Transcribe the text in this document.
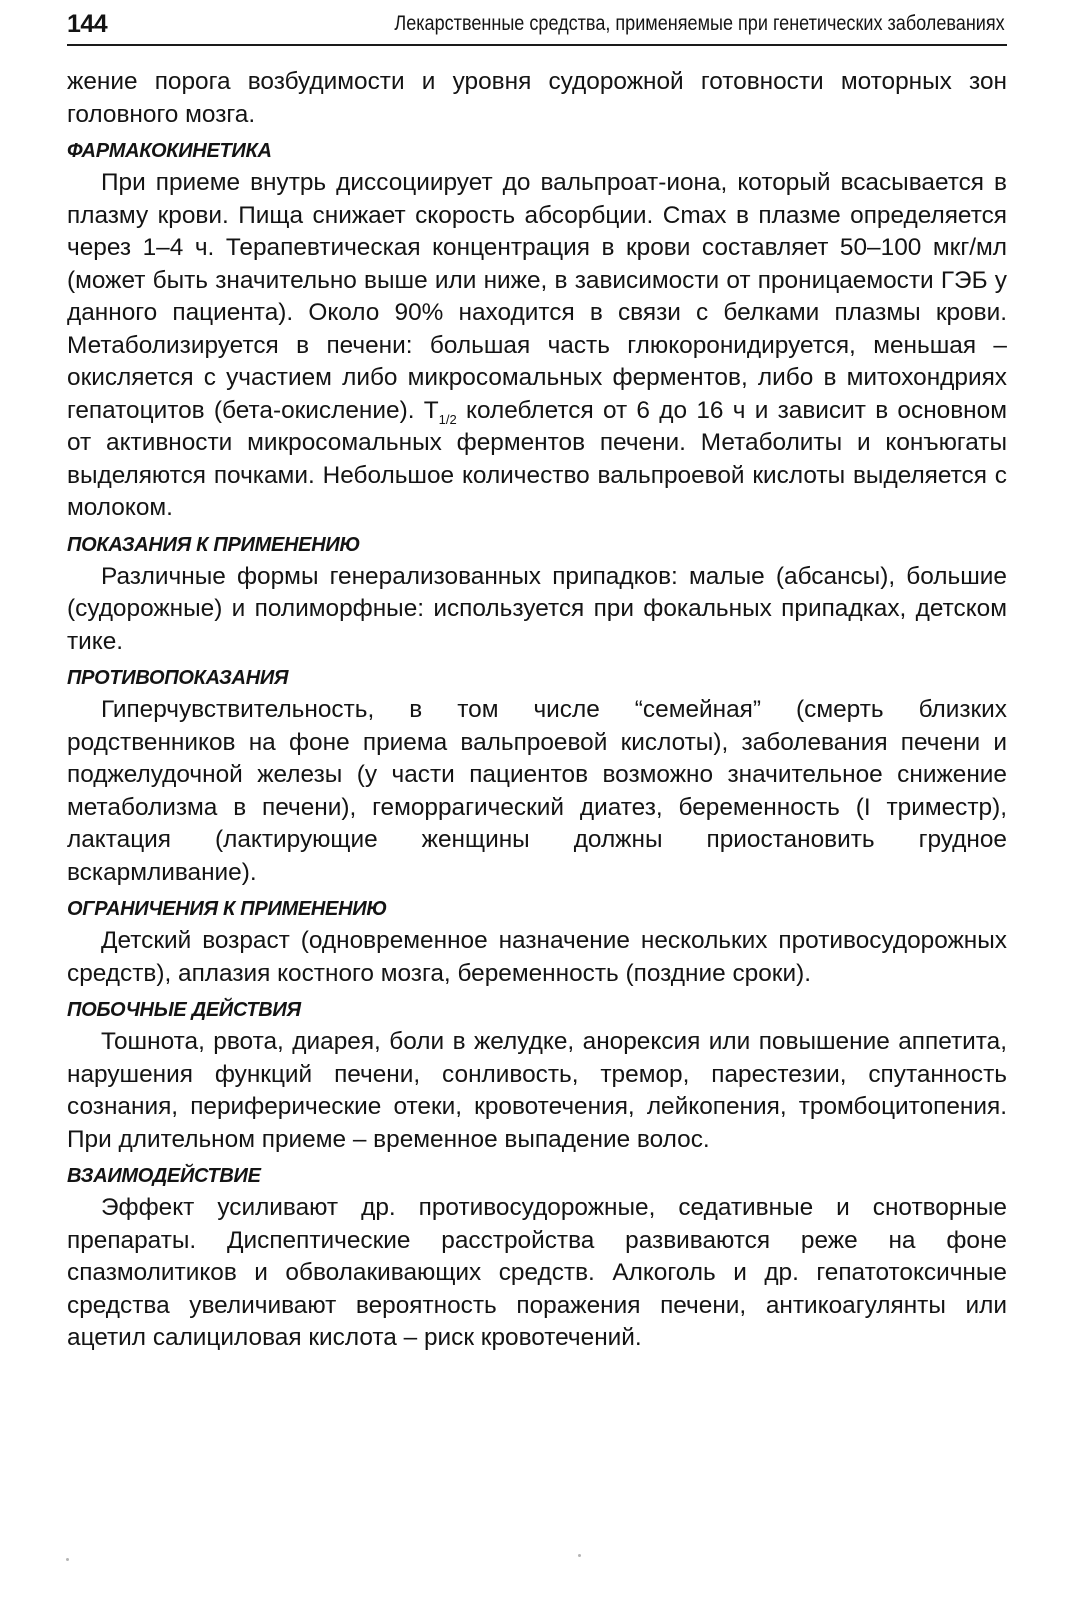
144	Лекарственные средства, применяемые при генетических заболеваниях

жение порога возбудимости и уровня судорожной готовности моторных зон головного мозга.

ФАРМАКОКИНЕТИКА

При приеме внутрь диссоциирует до вальпроат-иона, который всасывается в плазму крови. Пища снижает скорость абсорбции. Cmax в плазме определяется через 1–4 ч. Терапевтическая концентрация в крови составляет 50–100 мкг/мл (может быть значительно выше или ниже, в зависимости от проницаемости ГЭБ у данного пациента). Около 90% находится в связи с белками плазмы крови. Метаболизируется в печени: большая часть глюкоронидируется, меньшая – окисляется с участием либо микросомальных ферментов, либо в митохондриях гепатоцитов (бета-окисление). $T_{1/2}$ колеблется от 6 до 16 ч и зависит в основном от активности микросомальных ферментов печени. Метаболиты и конъюгаты выделяются почками. Небольшое количество вальпроевой кислоты выделяется с молоком.

ПОКАЗАНИЯ К ПРИМЕНЕНИЮ

Различные формы генерализованных припадков: малые (абсансы), большие (судорожные) и полиморфные: используется при фокальных припадках, детском тике.

ПРОТИВОПОКАЗАНИЯ

Гиперчувствительность, в том числе “семейная” (смерть близких родственников на фоне приема вальпроевой кислоты), заболевания печени и поджелудочной железы (у части пациентов возможно значительное снижение метаболизма в печени), геморрагический диатез, беременность (I триместр), лактация (лактирующие женщины должны приостановить грудное вскармливание).

ОГРАНИЧЕНИЯ К ПРИМЕНЕНИЮ

Детский возраст (одновременное назначение нескольких противосудорожных средств), аплазия костного мозга, беременность (поздние сроки).

ПОБОЧНЫЕ ДЕЙСТВИЯ

Тошнота, рвота, диарея, боли в желудке, анорексия или повышение аппетита, нарушения функций печени, сонливость, тремор, парестезии, спутанность сознания, периферические отеки, кровотечения, лейкопения, тромбоцитопения. При длительном приеме – временное выпадение волос.

ВЗАИМОДЕЙСТВИЕ

Эффект усиливают др. противосудорожные, седативные и снотворные препараты. Диспептические расстройства развиваются реже на фоне спазмолитиков и обволакивающих средств. Алкоголь и др. гепатотоксичные средства увеличивают вероятность поражения печени, антикоагулянты или ацетил салициловая кислота – риск кровотечений.
